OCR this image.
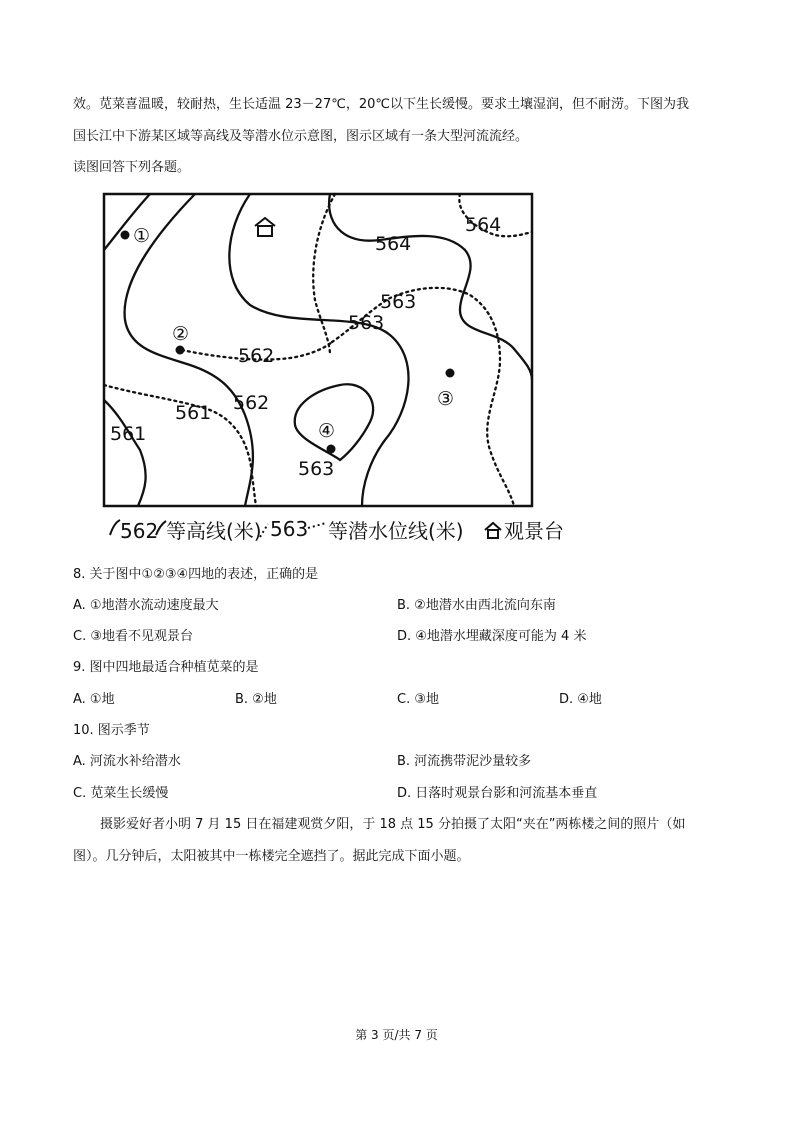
效。苋菜喜温暖，较耐热，生长适温 23－27℃，20℃以下生长缓慢。要求土壤湿润，但不耐涝。下图为我
国长江中下游某区域等高线及等潜水位示意图，图示区域有一条大型河流流经。
读图回答下列各题。
564
563
562
561
563
564
563
562
561
①
②
③
④
562 等高线(米) 563 等潜水位线(米) 观景台
8. 关于图中①②③④四地的表述，正确的是
A. ①地潜水流动速度最大	B. ②地潜水由西北流向东南
C. ③地看不见观景台	D. ④地潜水埋藏深度可能为 4 米
9. 图中四地最适合种植苋菜的是
A. ①地	B. ②地	C. ③地	D. ④地
10. 图示季节
A. 河流水补给潜水	B. 河流携带泥沙量较多
C. 苋菜生长缓慢	D. 日落时观景台影和河流基本垂直
摄影爱好者小明 7 月 15 日在福建观赏夕阳，于 18 点 15 分拍摄了太阳“夹在”两栋楼之间的照片（如
图）。几分钟后，太阳被其中一栋楼完全遮挡了。据此完成下面小题。
第 3 页/共 7 页
